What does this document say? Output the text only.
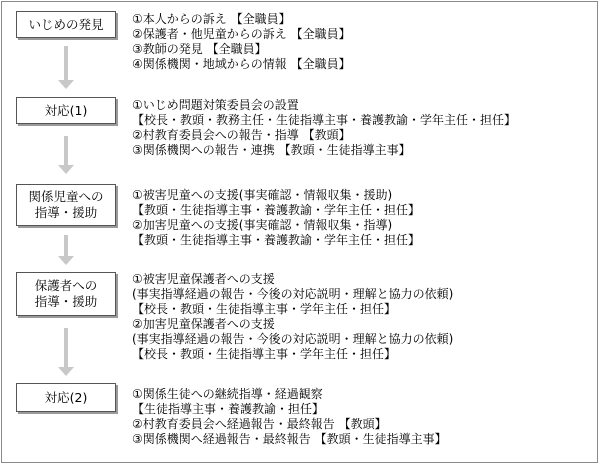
いじめの発見 ①本人からの訴え 【全職員】
②保護者・他児童からの訴え 【全職員】
③教師の発見 【全職員】
④関係機関・地域からの情報 【全職員】
対応(1)	①いじめ問題対策委員会の設置
【校長・教頭・教務主任・生徒指導主事・養護教諭・学年主任・担任】
②村教育委員会への報告・指導 【教頭】
③関係機関への報告・連携 【教頭・生徒指導主事】
関係児童への
指導・援助
①被害児童への支援(事実確認・情報収集・援助)
【教頭・生徒指導主事・養護教諭・学年主任・担任】
②加害児童への支援(事実確認・情報収集・指導)
【教頭・生徒指導主事・養護教諭・学年主任・担任】
保護者への
指導・援助
①被害児童保護者への支援
(事実指導経過の報告・今後の対応説明・理解と協力の依頼)
【校長・教頭・生徒指導主事・学年主任・担任】
②加害児童保護者への支援
(事実指導経過の報告・今後の対応説明・理解と協力の依頼)
【校長・教頭・生徒指導主事・学年主任・担任】
対応(2)	①関係生徒への継続指導・経過観察
【生徒指導主事・養護教諭・担任】
②村教育委員会へ経過報告・最終報告 【教頭】
③関係機関へ経過報告・最終報告 【教頭・生徒指導主事】
